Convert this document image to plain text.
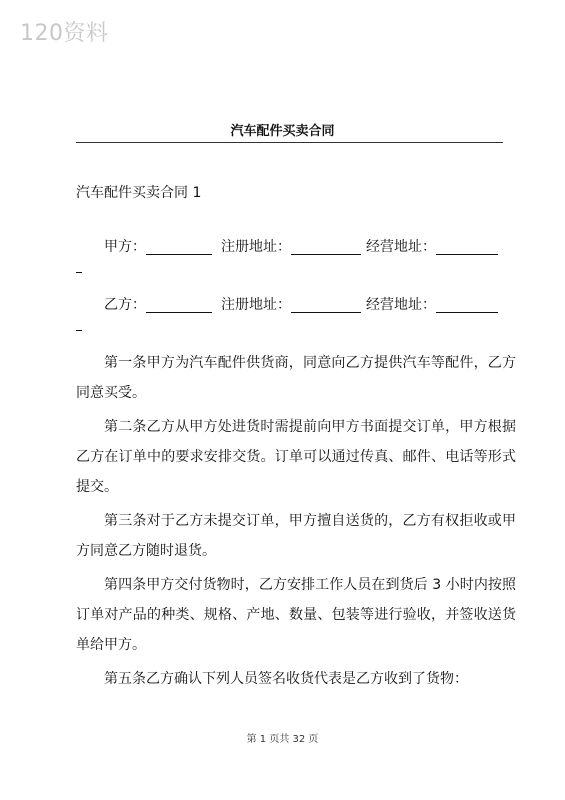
120资料
汽车配件买卖合同
汽车配件买卖合同 1
甲方：	注册地址：	经营地址：
乙方：	注册地址：	经营地址：

第一条甲方为汽车配件供货商，同意向乙方提供汽车等配件，乙方同意买受。

第二条乙方从甲方处进货时需提前向甲方书面提交订单，甲方根据乙方在订单中的要求安排交货。订单可以通过传真、邮件、电话等形式提交。

第三条对于乙方未提交订单，甲方擅自送货的，乙方有权拒收或甲方同意乙方随时退货。

第四条甲方交付货物时，乙方安排工作人员在到货后 3 小时内按照订单对产品的种类、规格、产地、数量、包装等进行验收，并签收送货单给甲方。

第五条乙方确认下列人员签名收货代表是乙方收到了货物：

第 1 页共 32 页
